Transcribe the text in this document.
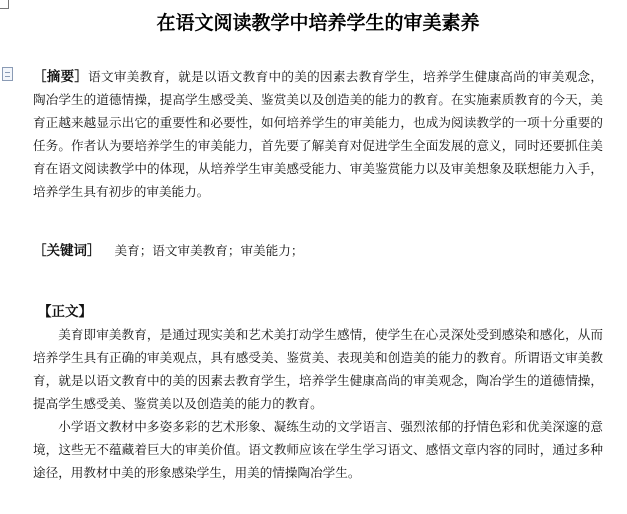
在语文阅读教学中培养学生的审美素养

［摘要］语文审美教育，就是以语文教育中的美的因素去教育学生，培养学生健康高尚的审美观念，陶冶学生的道德情操，提高学生感受美、鉴赏美以及创造美的能力的教育。在实施素质教育的今天，美育正越来越显示出它的重要性和必要性，如何培养学生的审美能力，也成为阅读教学的一项十分重要的任务。作者认为要培养学生的审美能力，首先要了解美育对促进学生全面发展的意义，同时还要抓住美育在语文阅读教学中的体现，从培养学生审美感受能力、审美鉴赏能力以及审美想象及联想能力入手，培养学生具有初步的审美能力。

［关键词］ 美育；语文审美教育；审美能力；

【正文】

美育即审美教育，是通过现实美和艺术美打动学生感情，使学生在心灵深处受到感染和感化，从而培养学生具有正确的审美观点，具有感受美、鉴赏美、表现美和创造美的能力的教育。所谓语文审美教育，就是以语文教育中的美的因素去教育学生，培养学生健康高尚的审美观念，陶冶学生的道德情操，提高学生感受美、鉴赏美以及创造美的能力的教育。

小学语文教材中多姿多彩的艺术形象、凝练生动的文学语言、强烈浓郁的抒情色彩和优美深邃的意境，这些无不蕴藏着巨大的审美价值。语文教师应该在学生学习语文、感悟文章内容的同时，通过多种途径，用教材中美的形象感染学生，用美的情操陶冶学生。
